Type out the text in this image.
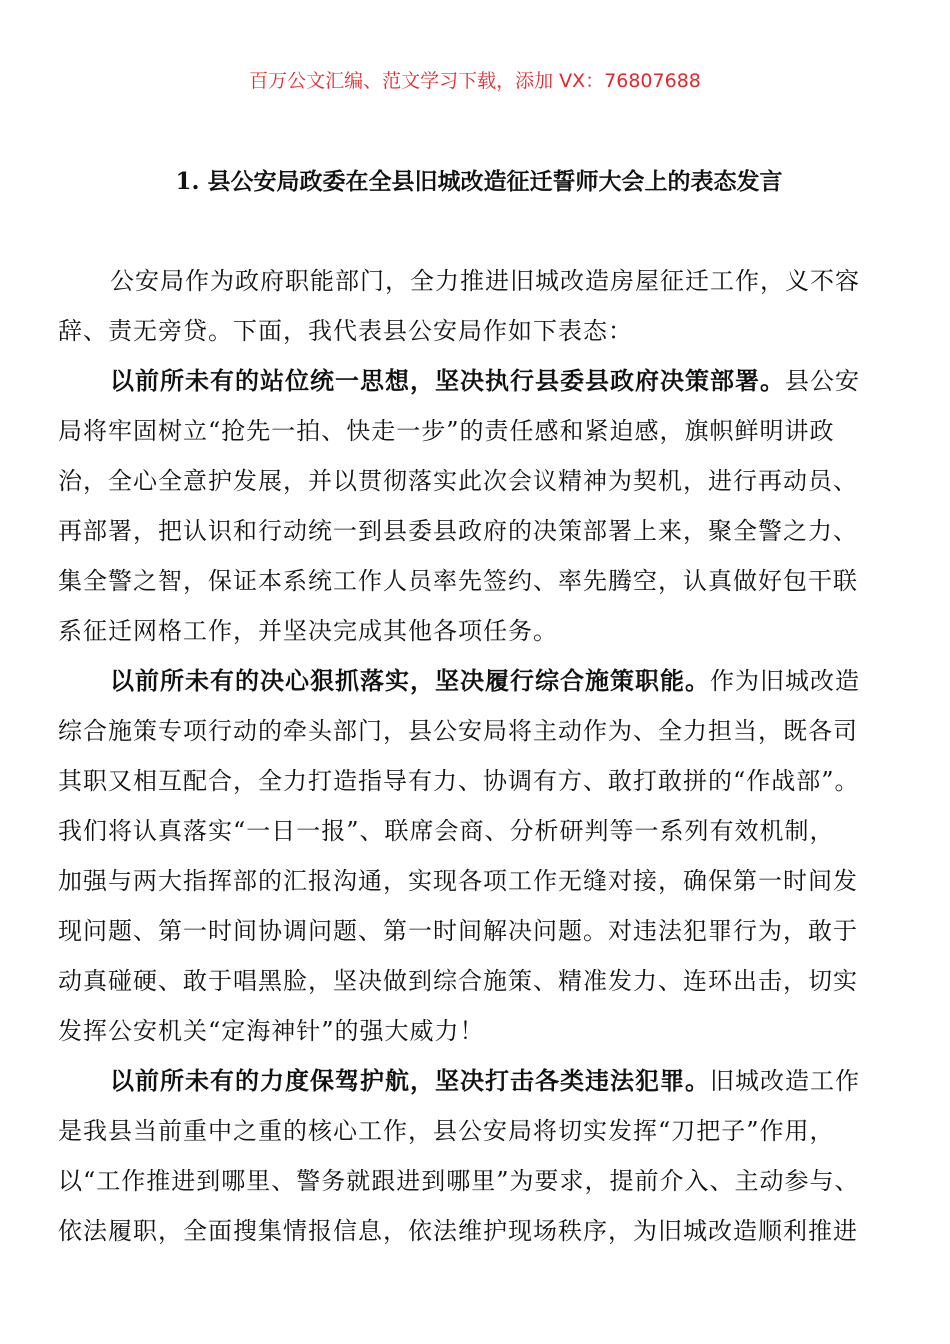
百万公文汇编、范文学习下载，添加 VX：76807688
1. 县公安局政委在全县旧城改造征迁誓师大会上的表态发言
公安局作为政府职能部门，全力推进旧城改造房屋征迁工作，义不容
辞、责无旁贷。下面，我代表县公安局作如下表态：
以前所未有的站位统一思想，坚决执行县委县政府决策部署。县公安
局将牢固树立“抢先一拍、快走一步”的责任感和紧迫感，旗帜鲜明讲政
治，全心全意护发展，并以贯彻落实此次会议精神为契机，进行再动员、
再部署，把认识和行动统一到县委县政府的决策部署上来，聚全警之力、
集全警之智，保证本系统工作人员率先签约、率先腾空，认真做好包干联
系征迁网格工作，并坚决完成其他各项任务。
以前所未有的决心狠抓落实，坚决履行综合施策职能。作为旧城改造
综合施策专项行动的牵头部门，县公安局将主动作为、全力担当，既各司
其职又相互配合，全力打造指导有力、协调有方、敢打敢拼的“作战部”。
我们将认真落实“一日一报”、联席会商、分析研判等一系列有效机制，
加强与两大指挥部的汇报沟通，实现各项工作无缝对接，确保第一时间发
现问题、第一时间协调问题、第一时间解决问题。对违法犯罪行为，敢于
动真碰硬、敢于唱黑脸，坚决做到综合施策、精准发力、连环出击，切实
发挥公安机关“定海神针”的强大威力！
以前所未有的力度保驾护航，坚决打击各类违法犯罪。旧城改造工作
是我县当前重中之重的核心工作，县公安局将切实发挥“刀把子”作用，
以“工作推进到哪里、警务就跟进到哪里”为要求，提前介入、主动参与、
依法履职，全面搜集情报信息，依法维护现场秩序，为旧城改造顺利推进
